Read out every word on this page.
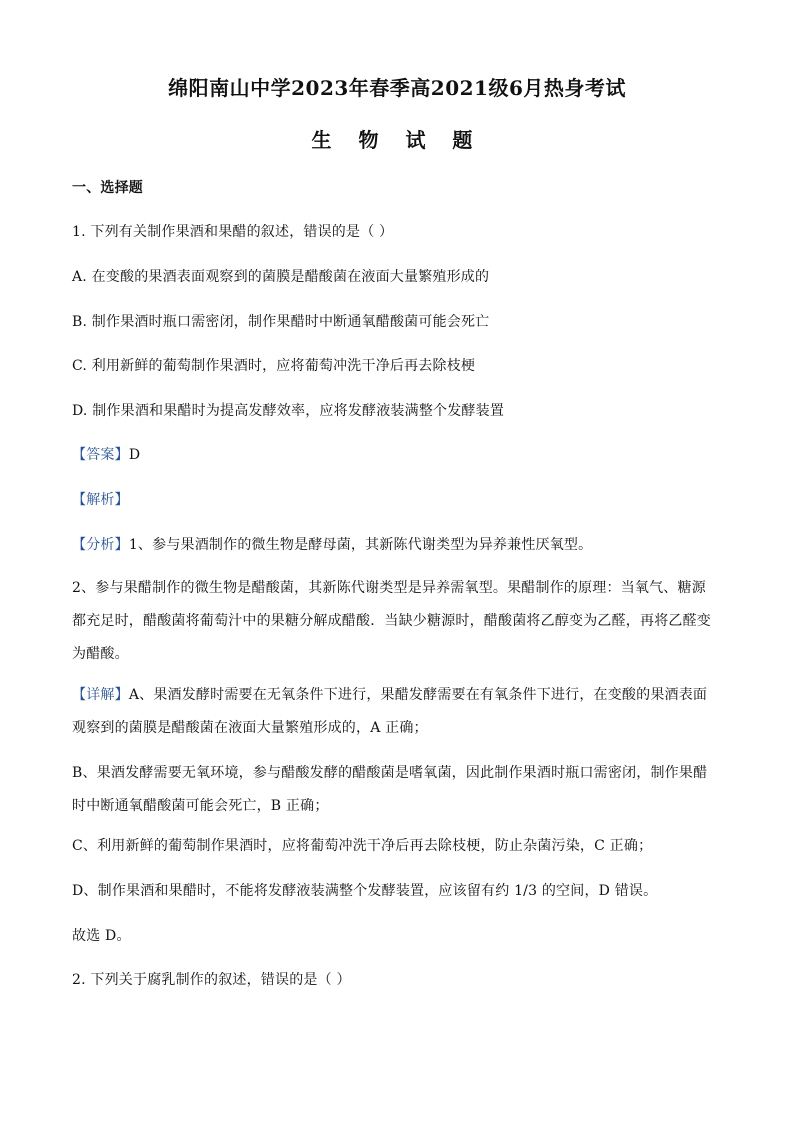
绵阳南山中学2023年春季高2021级6月热身考试
生 物 试 题
一、选择题
1. 下列有关制作果酒和果醋的叙述，错误的是（ ）
A. 在变酸的果酒表面观察到的菌膜是醋酸菌在液面大量繁殖形成的
B. 制作果酒时瓶口需密闭，制作果醋时中断通氧醋酸菌可能会死亡
C. 利用新鲜的葡萄制作果酒时，应将葡萄冲洗干净后再去除枝梗
D. 制作果酒和果醋时为提高发酵效率，应将发酵液装满整个发酵装置
【答案】D
【解析】
【分析】1、参与果酒制作的微生物是酵母菌，其新陈代谢类型为异养兼性厌氧型。
2、参与果醋制作的微生物是醋酸菌，其新陈代谢类型是异养需氧型。果醋制作的原理：当氧气、糖源都充足时，醋酸菌将葡萄汁中的果糖分解成醋酸．当缺少糖源时，醋酸菌将乙醇变为乙醛，再将乙醛变为醋酸。
【详解】A、果酒发酵时需要在无氧条件下进行，果醋发酵需要在有氧条件下进行，在变酸的果酒表面观察到的菌膜是醋酸菌在液面大量繁殖形成的，A 正确；
B、果酒发酵需要无氧环境，参与醋酸发酵的醋酸菌是嗜氧菌，因此制作果酒时瓶口需密闭，制作果醋时中断通氧醋酸菌可能会死亡，B 正确；
C、利用新鲜的葡萄制作果酒时，应将葡萄冲洗干净后再去除枝梗，防止杂菌污染，C 正确；
D、制作果酒和果醋时，不能将发酵液装满整个发酵装置，应该留有约 1/3 的空间，D 错误。
故选 D。
2. 下列关于腐乳制作的叙述，错误的是（ ）
